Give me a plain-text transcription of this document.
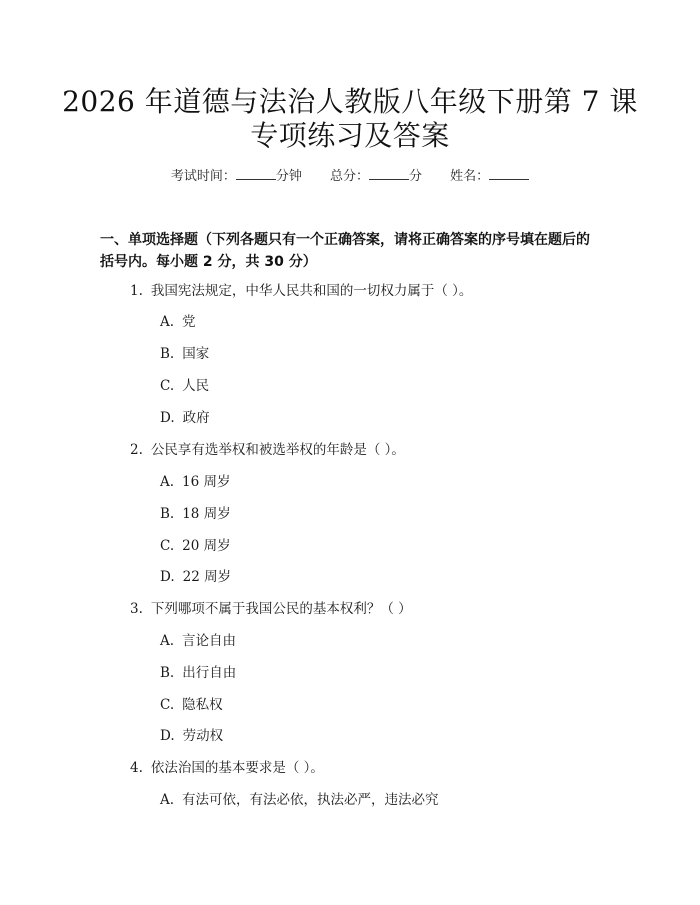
2026 年道德与法治人教版八年级下册第 7 课
专项练习及答案
考试时间：	分钟 总分：	分 姓名：
一、单项选择题（下列各题只有一个正确答案，请将正确答案的序号填在题后的括号内。每小题 2 分，共 30 分）
1. 我国宪法规定，中华人民共和国的一切权力属于（ ）。
A. 党
B. 国家
C. 人民
D. 政府
2. 公民享有选举权和被选举权的年龄是（ ）。
A. 16 周岁
B. 18 周岁
C. 20 周岁
D. 22 周岁
3. 下列哪项不属于我国公民的基本权利？（ ）
A. 言论自由
B. 出行自由
C. 隐私权
D. 劳动权
4. 依法治国的基本要求是（ ）。
A. 有法可依，有法必依，执法必严，违法必究
